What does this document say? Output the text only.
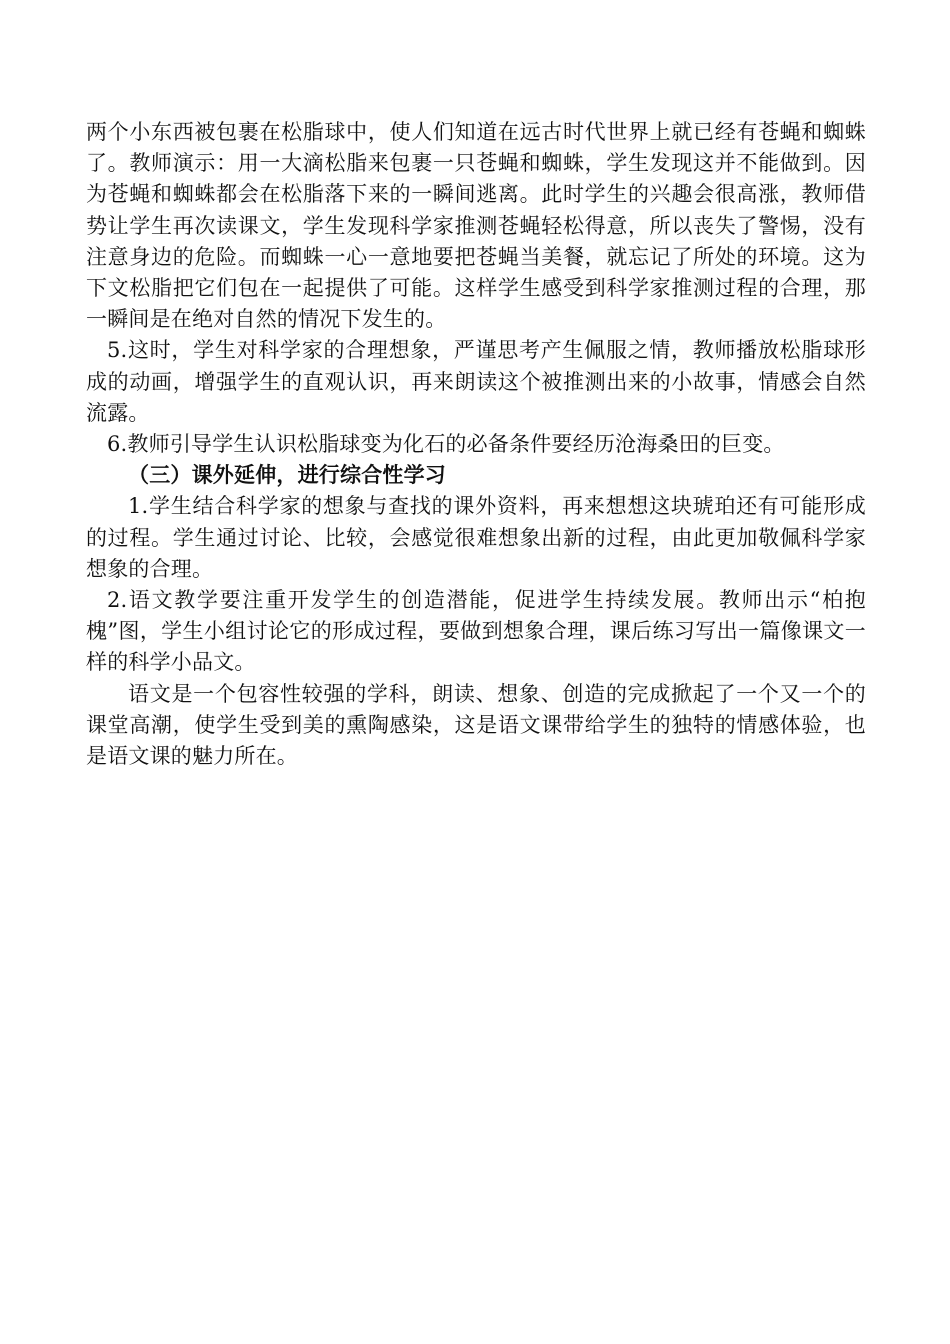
两个小东西被包裹在松脂球中，使人们知道在远古时代世界上就已经有苍蝇和蜘蛛了。教师演示：用一大滴松脂来包裹一只苍蝇和蜘蛛，学生发现这并不能做到。因为苍蝇和蜘蛛都会在松脂落下来的一瞬间逃离。此时学生的兴趣会很高涨，教师借势让学生再次读课文，学生发现科学家推测苍蝇轻松得意，所以丧失了警惕，没有注意身边的危险。而蜘蛛一心一意地要把苍蝇当美餐，就忘记了所处的环境。这为下文松脂把它们包在一起提供了可能。这样学生感受到科学家推测过程的合理，那一瞬间是在绝对自然的情况下发生的。

5.这时，学生对科学家的合理想象，严谨思考产生佩服之情，教师播放松脂球形成的动画，增强学生的直观认识，再来朗读这个被推测出来的小故事，情感会自然流露。

6.教师引导学生认识松脂球变为化石的必备条件要经历沧海桑田的巨变。

（三）课外延伸，进行综合性学习

1.学生结合科学家的想象与查找的课外资料，再来想想这块琥珀还有可能形成的过程。学生通过讨论、比较，会感觉很难想象出新的过程，由此更加敬佩科学家想象的合理。

2.语文教学要注重开发学生的创造潜能，促进学生持续发展。教师出示“柏抱槐”图，学生小组讨论它的形成过程，要做到想象合理，课后练习写出一篇像课文一样的科学小品文。

语文是一个包容性较强的学科，朗读、想象、创造的完成掀起了一个又一个的课堂高潮，使学生受到美的熏陶感染，这是语文课带给学生的独特的情感体验，也是语文课的魅力所在。
